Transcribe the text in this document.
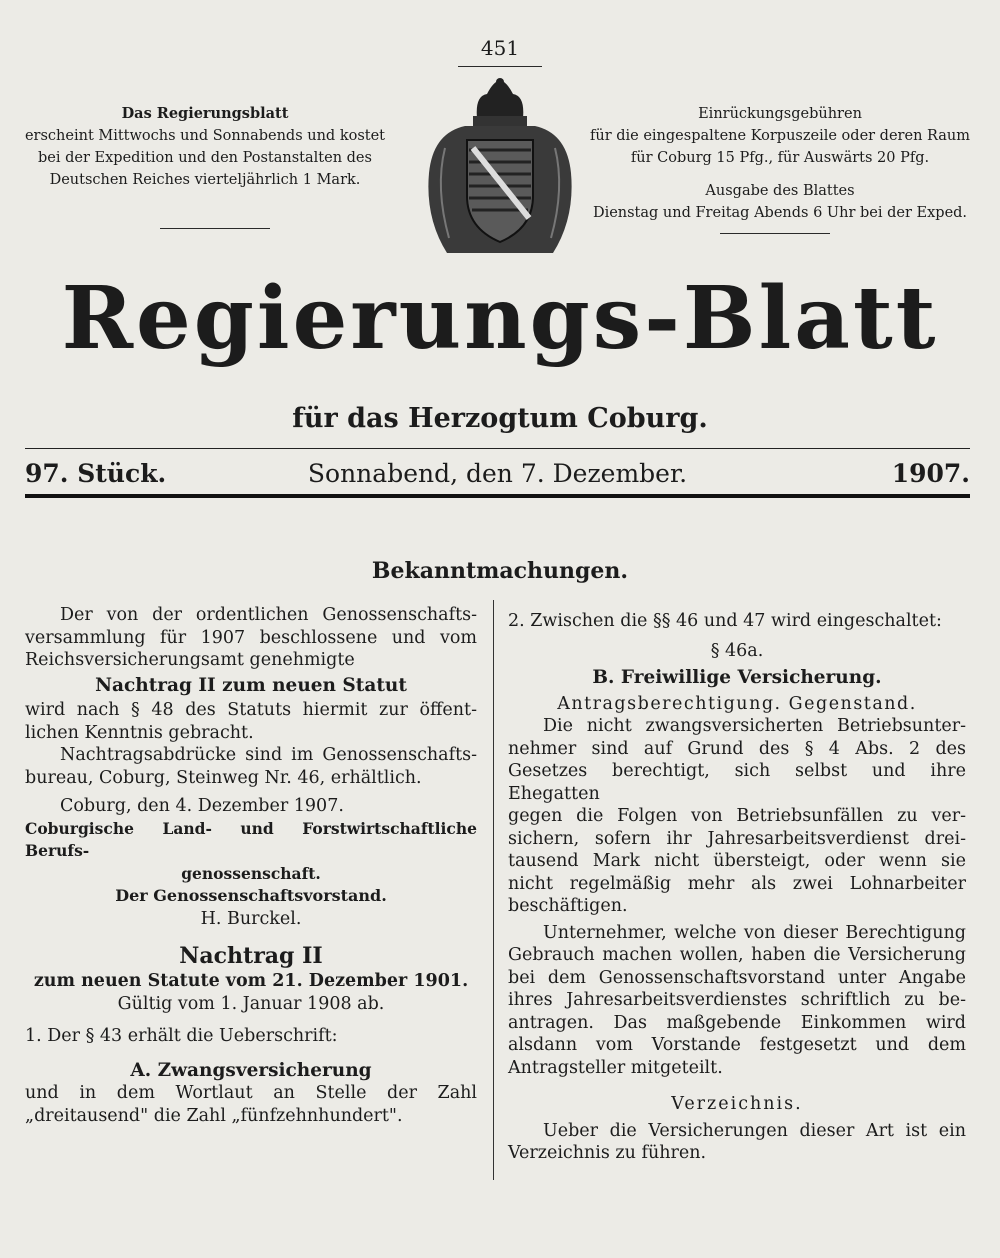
451
Das Regierungsblatt
erscheint Mittwochs und Sonnabends und kostet
bei der Expedition und den Postanstalten des
Deutschen Reiches vierteljährlich 1 Mark.
Einrückungsgebühren
für die eingespaltene Korpuszeile oder deren Raum
für Coburg 15 Pfg., für Auswärts 20 Pfg.
Ausgabe des Blattes
Dienstag und Freitag Abends 6 Uhr bei der Exped.
Regierungs-Blatt
für das Herzogtum Coburg.
97. Stück.	Sonnabend, den 7. Dezember.	1907.
Bekanntmachungen.

Der von der ordentlichen Genossenschafts-

versammlung für 1907 beschlossene und vom

Reichsversicherungsamt genehmigte

Nachtrag II zum neuen Statut

wird nach § 48 des Statuts hiermit zur öffent-

lichen Kenntnis gebracht.

Nachtragsabdrücke sind im Genossenschafts-

bureau, Coburg, Steinweg Nr. 46, erhältlich.

Coburg, den 4. Dezember 1907.

Coburgische Land- und Forstwirtschaftliche Berufs-

genossenschaft.

Der Genossenschaftsvorstand.

H. Burckel.

Nachtrag II

zum neuen Statute vom 21. Dezember 1901.

Gültig vom 1. Januar 1908 ab.

1. Der § 43 erhält die Ueberschrift:

A. Zwangsversicherung

und in dem Wortlaut an Stelle der Zahl

„dreitausend" die Zahl „fünfzehnhundert".

2. Zwischen die §§ 46 und 47 wird eingeschaltet:

§ 46a.

B. Freiwillige Versicherung.

Antragsberechtigung. Gegenstand.

Die nicht zwangsversicherten Betriebsunter-

nehmer sind auf Grund des § 4 Abs. 2 des

Gesetzes berechtigt, sich selbst und ihre Ehegatten

gegen die Folgen von Betriebsunfällen zu ver-

sichern, sofern ihr Jahresarbeitsverdienst drei-

tausend Mark nicht übersteigt, oder wenn sie

nicht regelmäßig mehr als zwei Lohnarbeiter

beschäftigen.

Unternehmer, welche von dieser Berechtigung

Gebrauch machen wollen, haben die Versicherung

bei dem Genossenschaftsvorstand unter Angabe

ihres Jahresarbeitsverdienstes schriftlich zu be-

antragen. Das maßgebende Einkommen wird

alsdann vom Vorstande festgesetzt und dem

Antragsteller mitgeteilt.

Verzeichnis.

Ueber die Versicherungen dieser Art ist ein

Verzeichnis zu führen.
